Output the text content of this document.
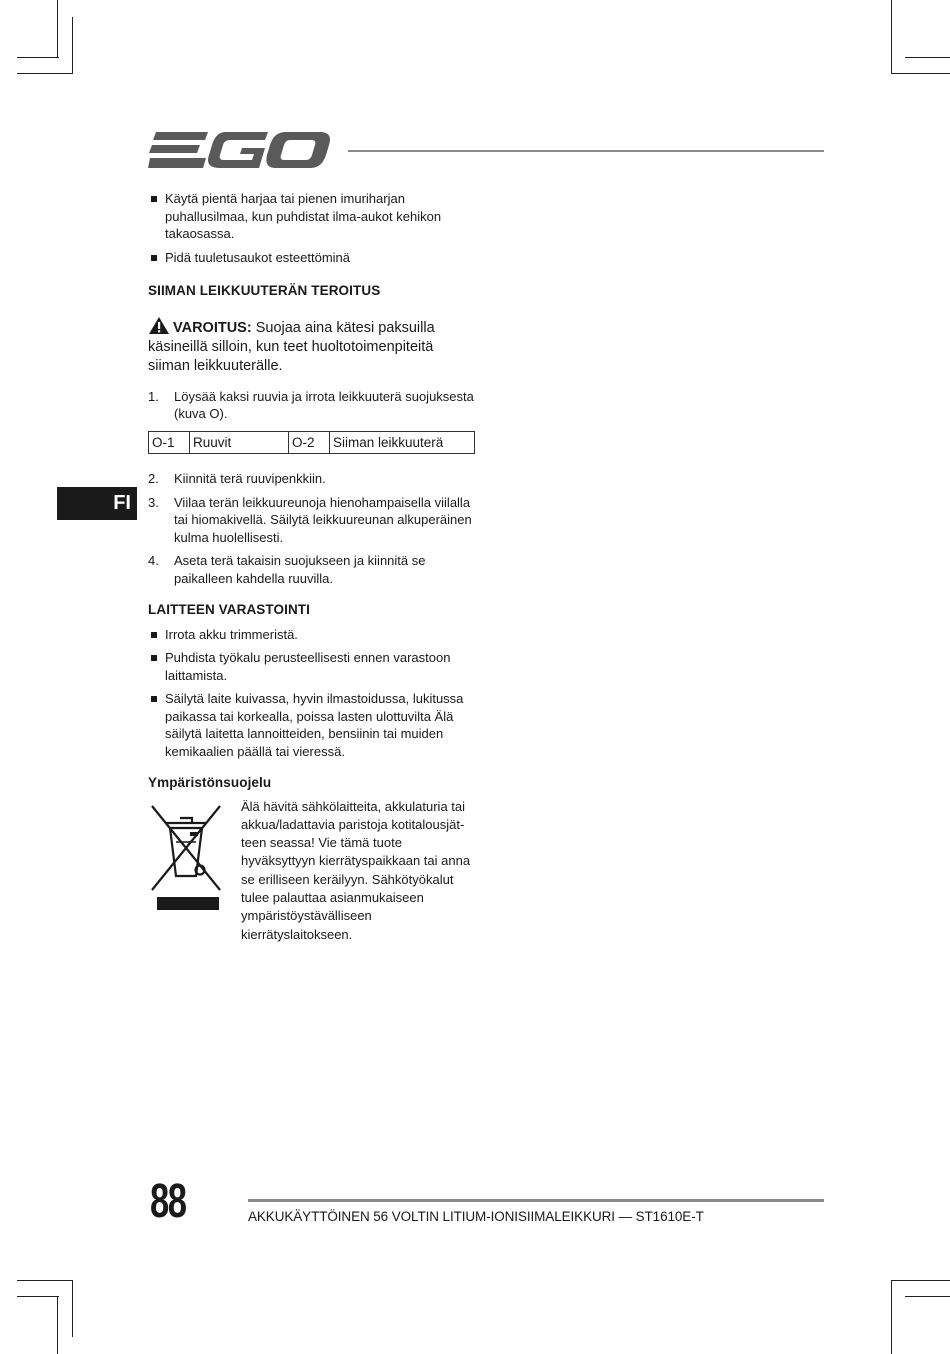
FI
Käytä pientä harjaa tai pienen imuriharjan puhallusilmaa, kun puhdistat ilma-aukot kehikon takaosassa.
Pidä tuuletusaukot esteettöminä
SIIMAN LEIKKUUTERÄN TEROITUS
VAROITUS: Suojaa aina kätesi paksuilla käsineillä silloin, kun teet huoltotoimenpiteitä siiman leikkuuterälle.
1. Löysää kaksi ruuvia ja irrota leikkuuterä suojuksesta (kuva O).
O-1	Ruuvit	O-2	Siiman leikkuuterä
2. Kiinnitä terä ruuvipenkkiin.
3. Viilaa terän leikkuureunoja hienohampaisella viilalla tai hiomakivellä. Säilytä leikkuureunan alkuperäinen kulma huolellisesti.
4. Aseta terä takaisin suojukseen ja kiinnitä se paikalleen kahdella ruuvilla.
LAITTEEN VARASTOINTI
Irrota akku trimmeristä.
Puhdista työkalu perusteellisesti ennen varastoon laittamista.
Säilytä laite kuivassa, hyvin ilmastoidussa, lukitussa paikassa tai korkealla, poissa lasten ulottuvilta Älä säilytä laitetta lannoitteiden, bensiinin tai muiden kemikaalien päällä tai vieressä.
Ympäristönsuojelu
Älä hävitä sähkölaitteita, akkulaturia tai akkua/ladattavia paristoja kotitalousjät-teen seassa! Vie tämä tuote hyväksyttyyn kierrätyspaikkaan tai anna se erilliseen keräilyyn. Sähkötyökalut tulee palauttaa asianmukaiseen ympäristöystävälliseen kierrätyslaitokseen.
88	AKKUKÄYTTÖINEN 56 VOLTIN LITIUM-IONISIIMALEIKKURI — ST1610E-T
